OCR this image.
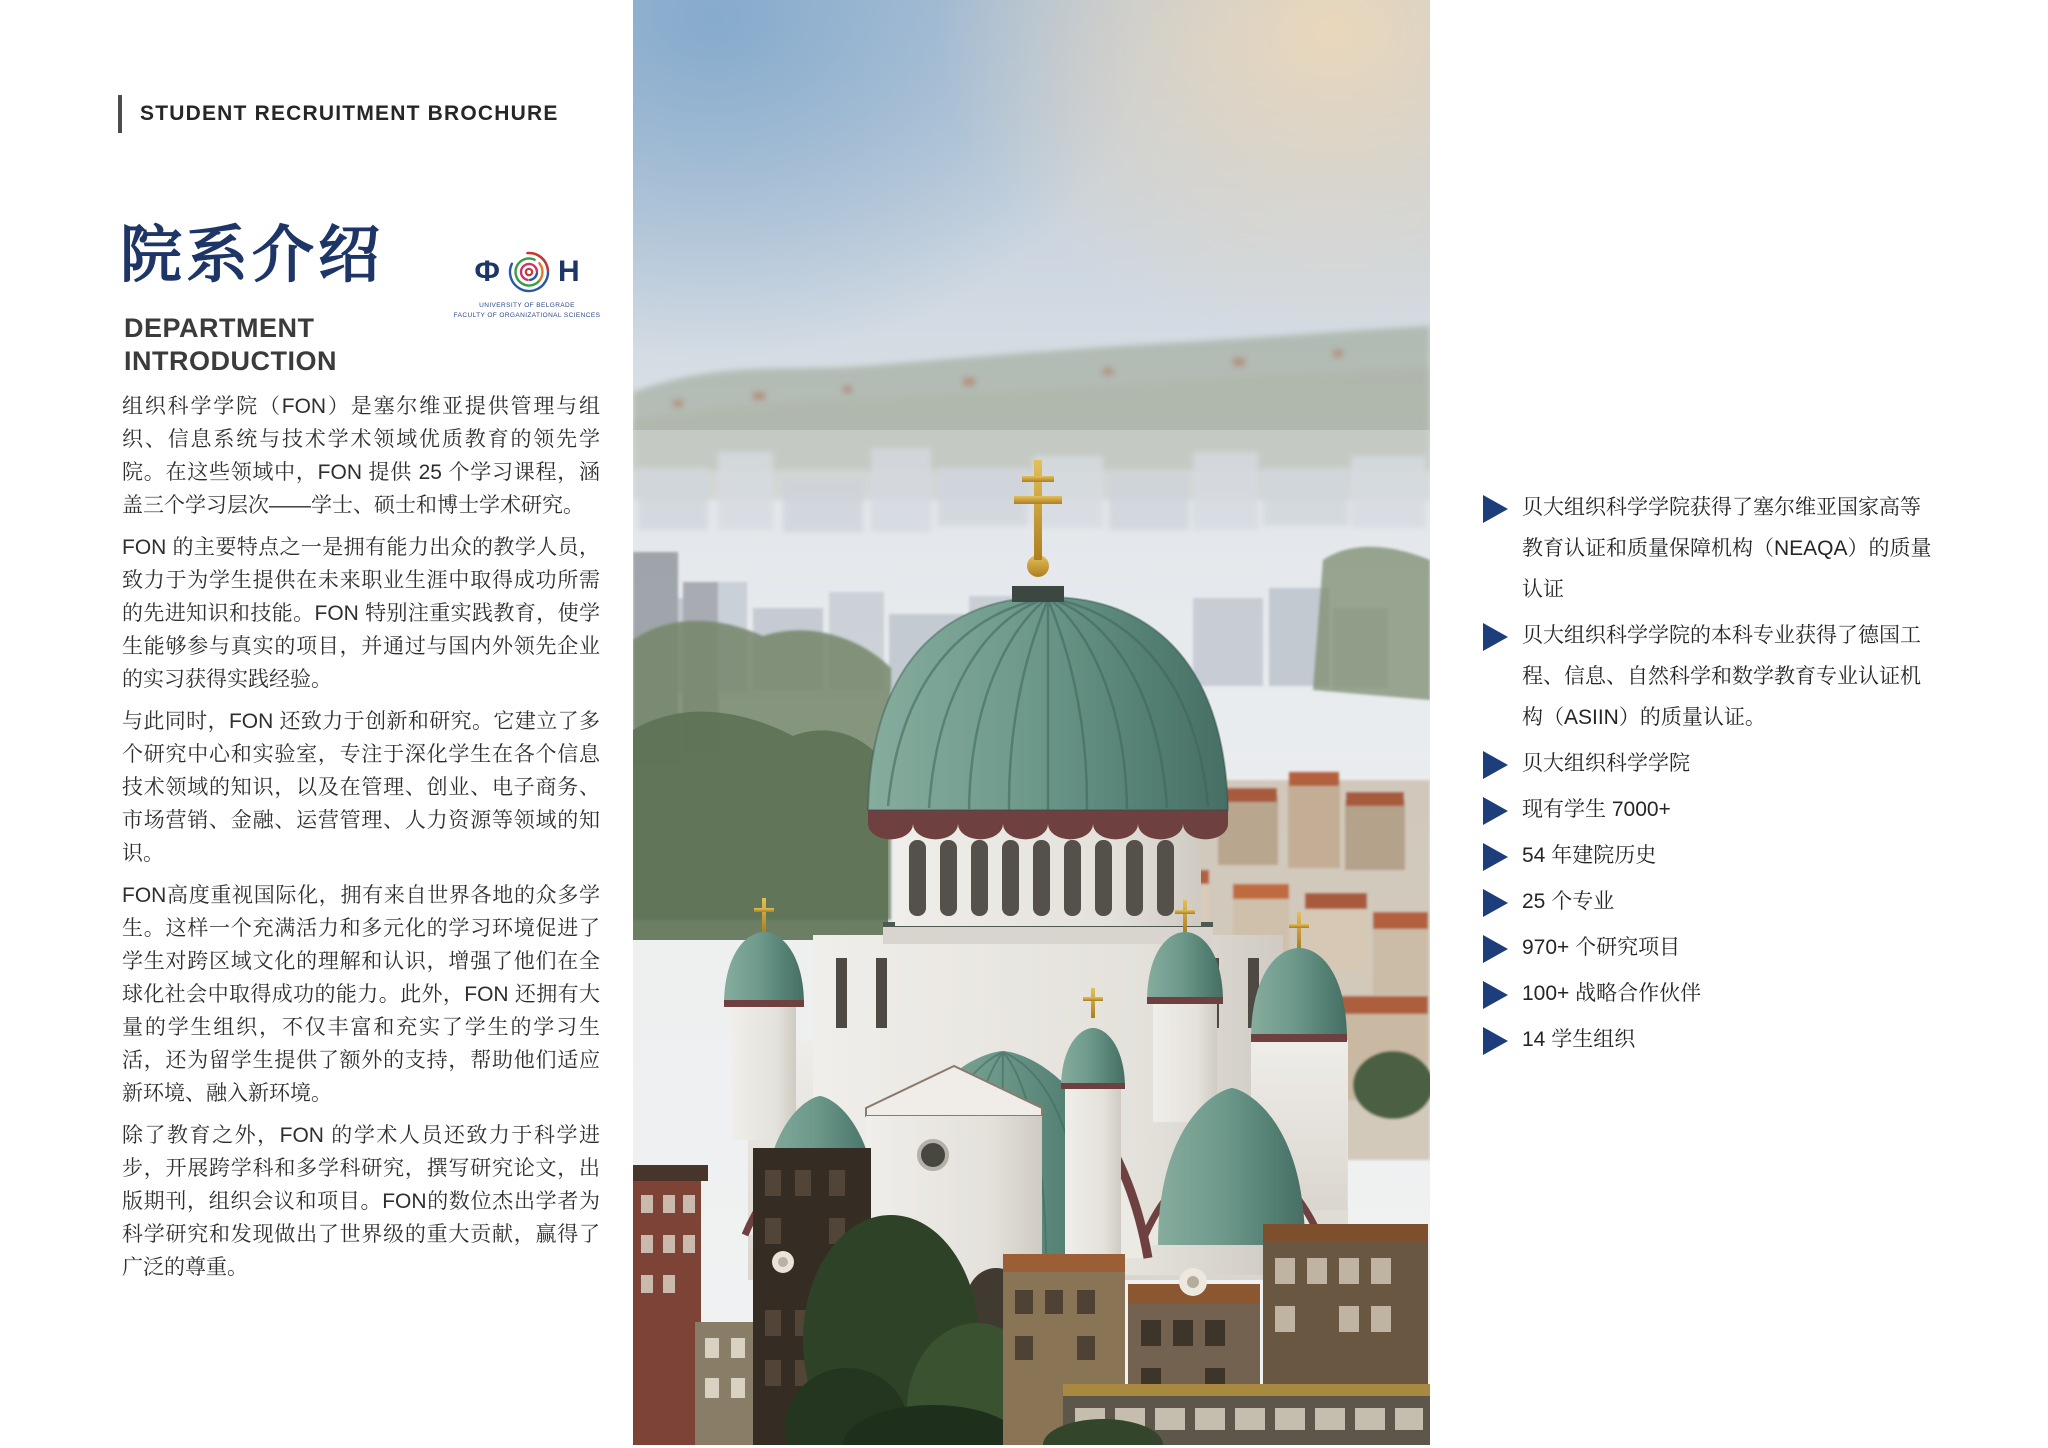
STUDENT RECRUITMENT BROCHURE
院系介绍	Ф Н
UNIVERSITY OF BELGRADE
FACULTY OF ORGANIZATIONAL SCIENCES
DEPARTMENT
INTRODUCTION

组织科学学院（FON）是塞尔维亚提供管理与组织、信息系统与技术学术领域优质教育的领先学院。在这些领域中，FON 提供 25 个学习课程，涵盖三个学习层次——学士、硕士和博士学术研究。

FON 的主要特点之一是拥有能力出众的教学人员，致力于为学生提供在未来职业生涯中取得成功所需的先进知识和技能。FON 特别注重实践教育，使学生能够参与真实的项目，并通过与国内外领先企业的实习获得实践经验。

与此同时，FON 还致力于创新和研究。它建立了多个研究中心和实验室，专注于深化学生在各个信息技术领域的知识，以及在管理、创业、电子商务、市场营销、金融、运营管理、人力资源等领域的知识。

FON高度重视国际化，拥有来自世界各地的众多学生。这样一个充满活力和多元化的学习环境促进了学生对跨区域文化的理解和认识，增强了他们在全球化社会中取得成功的能力。此外，FON 还拥有大量的学生组织，不仅丰富和充实了学生的学习生活，还为留学生提供了额外的支持，帮助他们适应新环境、融入新环境。

除了教育之外，FON 的学术人员还致力于科学进步，开展跨学科和多学科研究，撰写研究论文，出版期刊，组织会议和项目。FON的数位杰出学者为科学研究和发现做出了世界级的重大贡献，赢得了广泛的尊重。

贝大组织科学学院获得了塞尔维亚国家高等教育认证和质量保障机构（NEAQA）的质量认证

贝大组织科学学院的本科专业获得了德国工程、信息、自然科学和数学教育专业认证机构（ASIIN）的质量认证。

贝大组织科学学院

现有学生 7000+

54 年建院历史

25 个专业

970+ 个研究项目

100+ 战略合作伙伴

14 学生组织
